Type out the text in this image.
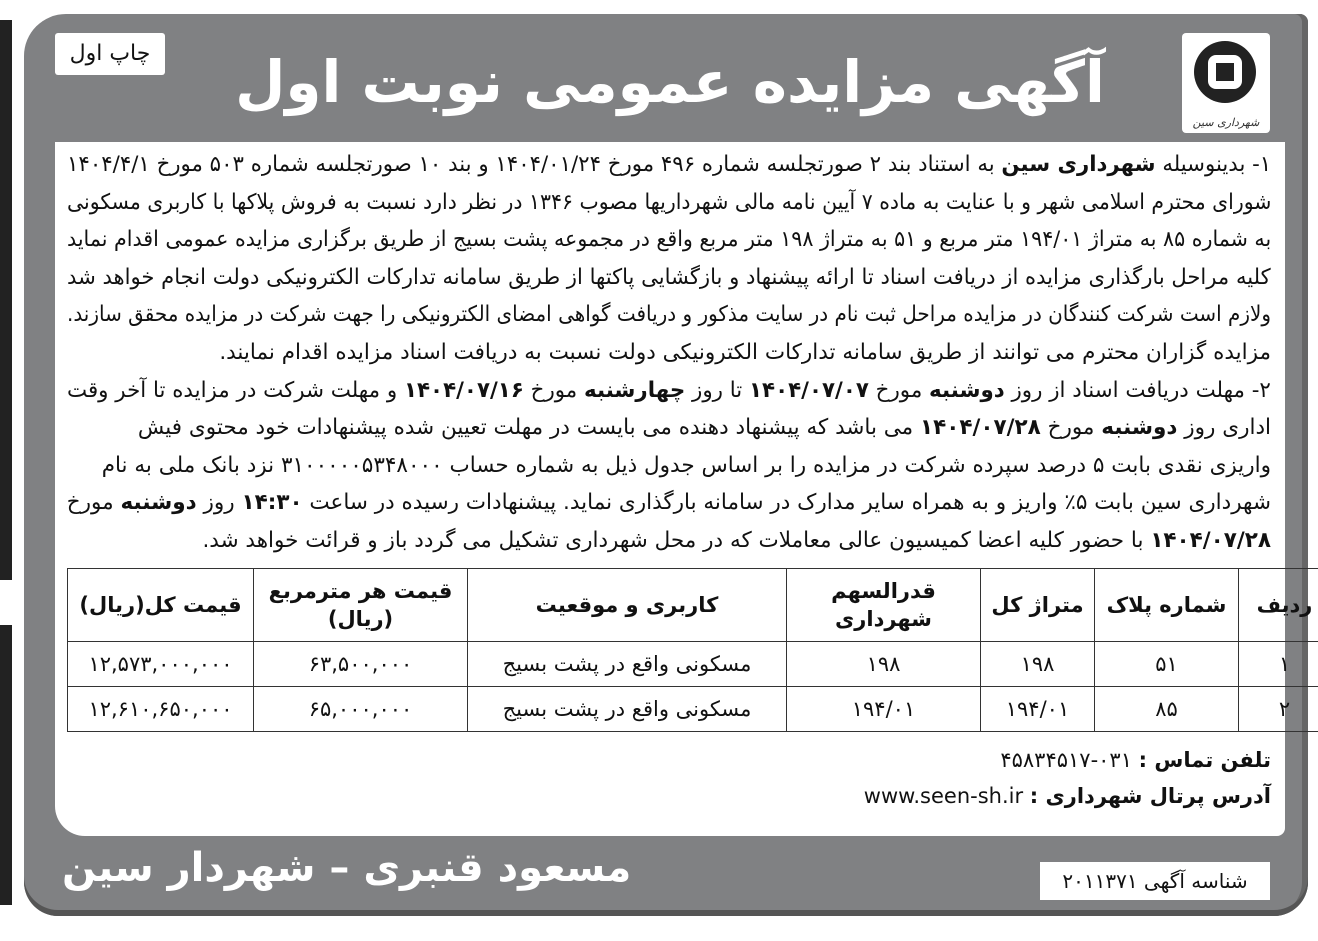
شهرداری سین
چاپ اول	آگهی مزایده عمومی نوبت اول
۱- بدینوسیله شهرداری سین به استناد بند ۲ صورتجلسه شماره ۴۹۶ مورخ ۱۴۰۴/۰۱/۲۴ و بند ۱۰ صورتجلسه شماره ۵۰۳ مورخ ۱۴۰۴/۴/۱
شورای محترم اسلامی شهر و با عنایت به ماده ۷ آیین نامه مالی شهرداریها مصوب ۱۳۴۶ در نظر دارد نسبت به فروش پلاکها با کاربری مسکونی
به شماره ۸۵ به متراژ ۱۹۴/۰۱ متر مربع و ۵۱ به متراژ ۱۹۸ متر مربع واقع در مجموعه پشت بسیج از طریق برگزاری مزایده عمومی اقدام نماید
کلیه مراحل بارگذاری مزایده از دریافت اسناد تا ارائه پیشنهاد و بازگشایی پاکتها از طریق سامانه تدارکات الکترونیکی دولت انجام خواهد شد
ولازم است شرکت کنندگان در مزایده مراحل ثبت نام در سایت مذکور و دریافت گواهی امضای الکترونیکی را جهت شرکت در مزایده محقق سازند.
مزایده گزاران محترم می توانند از طریق سامانه تدارکات الکترونیکی دولت نسبت به دریافت اسناد مزایده اقدام نمایند.
۲- مهلت دریافت اسناد از روز دوشنبه مورخ ۱۴۰۴/۰۷/۰۷ تا روز چهارشنبه مورخ ۱۴۰۴/۰۷/۱۶ و مهلت شرکت در مزایده تا آخر وقت
اداری روز دوشنبه مورخ ۱۴۰۴/۰۷/۲۸ می باشد که پیشنهاد دهنده می بایست در مهلت تعیین شده پیشنهادات خود محتوی فیش
واریزی نقدی بابت ۵ درصد سپرده شرکت در مزایده را بر اساس جدول ذیل به شماره حساب ۳۱۰۰۰۰۰۵۳۴۸۰۰۰ نزد بانک ملی به نام
شهرداری سین بابت ۵٪ واریز و به همراه سایر مدارک در سامانه بارگذاری نماید. پیشنهادات رسیده در ساعت ۱۴:۳۰ روز دوشنبه مورخ
۱۴۰۴/۰۷/۲۸ با حضور کلیه اعضا کمیسیون عالی معاملات که در محل شهرداری تشکیل می گردد باز و قرائت خواهد شد.
ردیف	شماره پلاک	متراژ کل	قدرالسهم شهرداری	کاربری و موقعیت	قیمت هر مترمربع (ریال)	قیمت کل(ریال)
۱	۵۱	۱۹۸	۱۹۸	مسکونی واقع در پشت بسیج	۶۳,۵۰۰,۰۰۰	۱۲,۵۷۳,۰۰۰,۰۰۰
۲	۸۵	۱۹۴/۰۱	۱۹۴/۰۱	مسکونی واقع در پشت بسیج	۶۵,۰۰۰,۰۰۰	۱۲,۶۱۰,۶۵۰,۰۰۰
تلفن تماس : ۰۳۱-۴۵۸۳۴۵۱۷
آدرس پرتال شهرداری : www.seen-sh.ir
مسعود قنبری – شهردار سین	شناسه آگهی ۲۰۱۱۳۷۱
